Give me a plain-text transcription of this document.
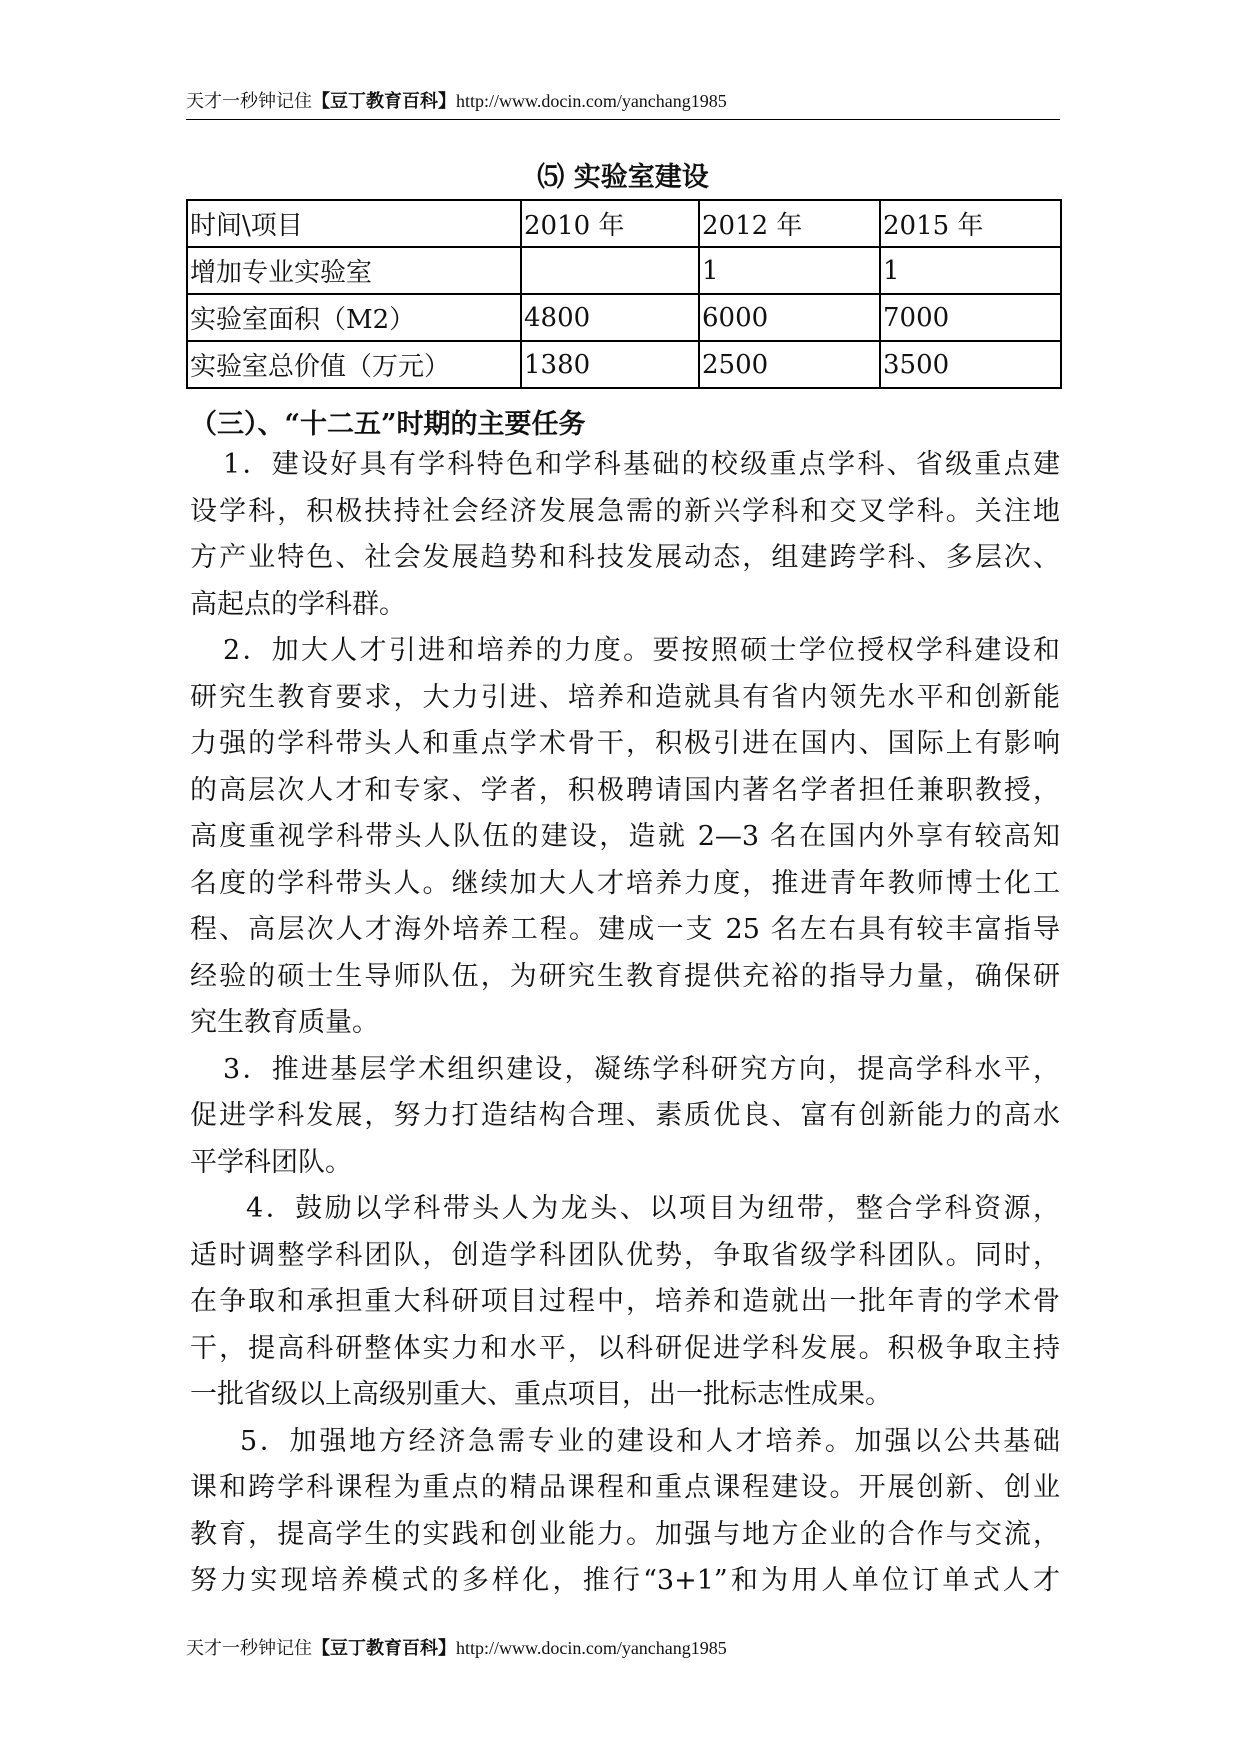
天才一秒钟记住【豆丁教育百科】http://www.docin.com/yanchang1985
⑸ 实验室建设
时间\项目	2010 年	2012 年	2015 年
增加专业实验室		1	1
实验室面积（M2）	4800	6000	7000
实验室总价值（万元）	1380	2500	3500
（三）、“十二五”时期的主要任务
1．建设好具有学科特色和学科基础的校级重点学科、省级重点建
设学科，积极扶持社会经济发展急需的新兴学科和交叉学科。关注地
方产业特色、社会发展趋势和科技发展动态，组建跨学科、多层次、
高起点的学科群。
2．加大人才引进和培养的力度。要按照硕士学位授权学科建设和
研究生教育要求，大力引进、培养和造就具有省内领先水平和创新能
力强的学科带头人和重点学术骨干，积极引进在国内、国际上有影响
的高层次人才和专家、学者，积极聘请国内著名学者担任兼职教授，
高度重视学科带头人队伍的建设，造就 2—3 名在国内外享有较高知
名度的学科带头人。继续加大人才培养力度，推进青年教师博士化工
程、高层次人才海外培养工程。建成一支 25 名左右具有较丰富指导
经验的硕士生导师队伍，为研究生教育提供充裕的指导力量，确保研
究生教育质量。
3．推进基层学术组织建设，凝练学科研究方向，提高学科水平，
促进学科发展，努力打造结构合理、素质优良、富有创新能力的高水
平学科团队。
4．鼓励以学科带头人为龙头、以项目为纽带，整合学科资源，
适时调整学科团队，创造学科团队优势，争取省级学科团队。同时，
在争取和承担重大科研项目过程中，培养和造就出一批年青的学术骨
干，提高科研整体实力和水平，以科研促进学科发展。积极争取主持
一批省级以上高级别重大、重点项目，出一批标志性成果。
5．加强地方经济急需专业的建设和人才培养。加强以公共基础
课和跨学科课程为重点的精品课程和重点课程建设。开展创新、创业
教育，提高学生的实践和创业能力。加强与地方企业的合作与交流，
努力实现培养模式的多样化，推行“3+1”和为用人单位订单式人才
天才一秒钟记住【豆丁教育百科】http://www.docin.com/yanchang1985
